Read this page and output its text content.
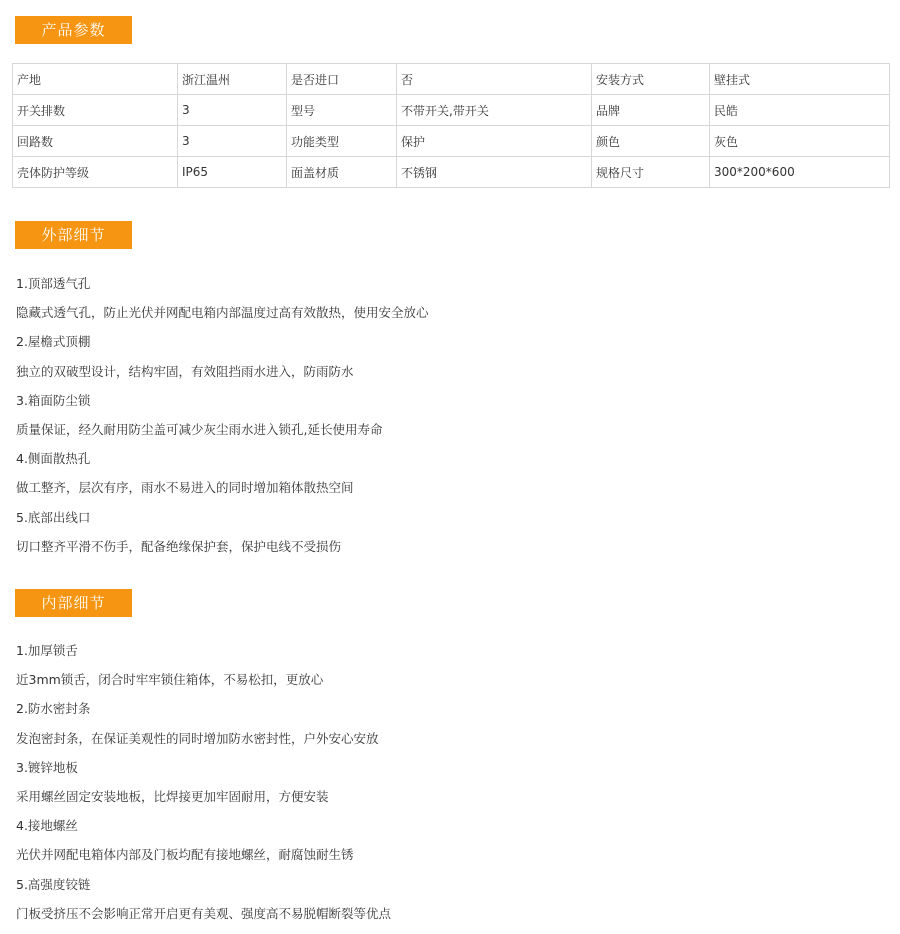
产品参数
产地	浙江温州	是否进口	否	安装方式	壁挂式
开关排数	3	型号	不带开关,带开关	品牌	民皓
回路数	3	功能类型	保护	颜色	灰色
壳体防护等级	IP65	面盖材质	不锈钢	规格尺寸	300*200*600
外部细节
1.顶部透气孔
隐藏式透气孔，防止光伏并网配电箱内部温度过高有效散热，使用安全放心
2.屋檐式顶棚
独立的双破型设计，结构牢固，有效阻挡雨水进入，防雨防水
3.箱面防尘锁
质量保证，经久耐用防尘盖可减少灰尘雨水进入锁孔,延长使用寿命
4.侧面散热孔
做工整齐，层次有序，雨水不易进入的同时增加箱体散热空间
5.底部出线口
切口整齐平滑不伤手，配备绝缘保护套，保护电线不受损伤
内部细节
1.加厚锁舌
近3mm锁舌，闭合时牢牢锁住箱体，不易松扣，更放心
2.防水密封条
发泡密封条，在保证美观性的同时增加防水密封性，户外安心安放
3.镀锌地板
采用螺丝固定安装地板，比焊接更加牢固耐用，方便安装
4.接地螺丝
光伏并网配电箱体内部及门板均配有接地螺丝，耐腐蚀耐生锈
5.高强度铰链
门板受挤压不会影响正常开启更有美观、强度高不易脱帽断裂等优点
